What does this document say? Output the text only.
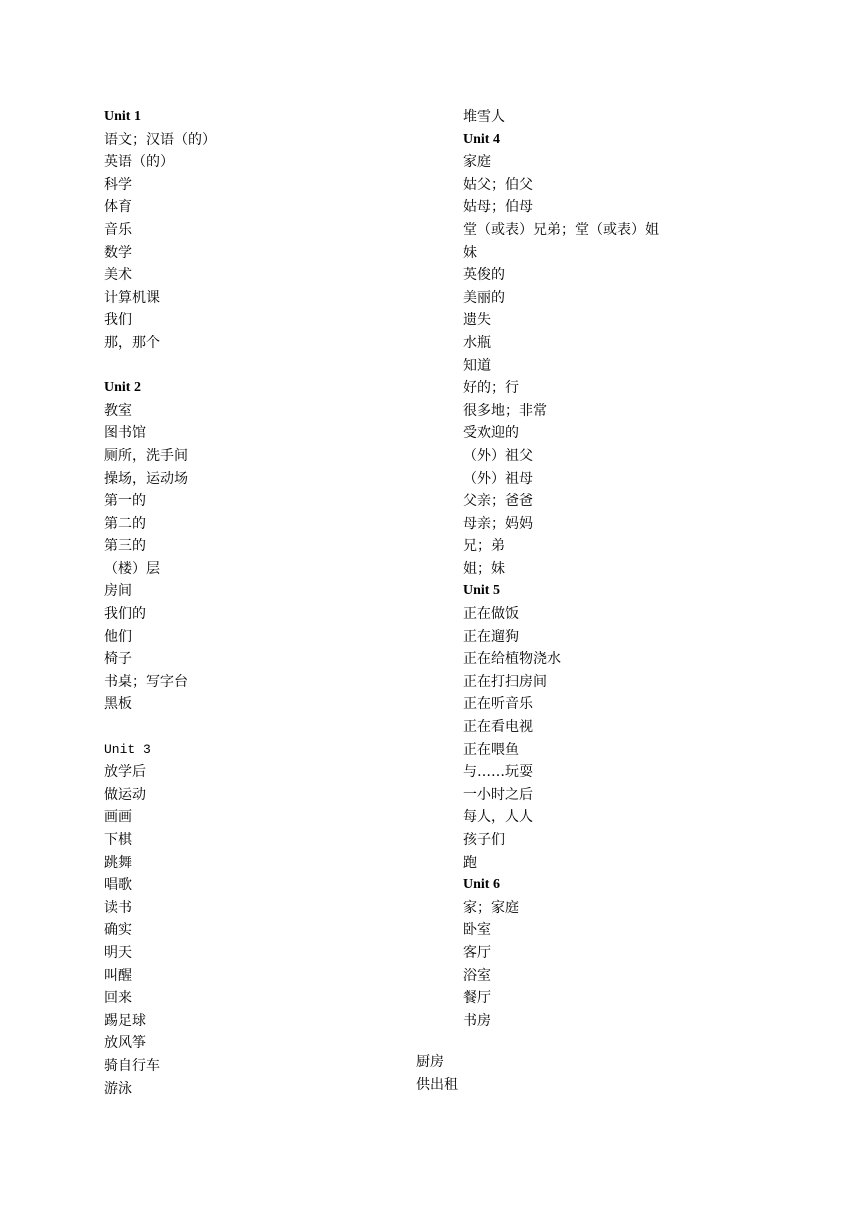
Unit 1
语文；汉语（的）
英语（的）
科学
体育
音乐
数学
美术
计算机课
我们
那，那个
Unit 2
教室
图书馆
厕所，洗手间
操场，运动场
第一的
第二的
第三的
（楼）层
房间
我们的
他们
椅子
书桌；写字台
黑板
Unit 3
放学后
做运动
画画
下棋
跳舞
唱歌
读书
确实
明天
叫醒
回来
踢足球
放风筝
骑自行车
游泳
堆雪人
Unit 4
家庭
姑父；伯父
姑母；伯母
堂（或表）兄弟；堂（或表）姐
妹
英俊的
美丽的
遗失
水瓶
知道
好的；行
很多地；非常
受欢迎的
（外）祖父
（外）祖母
父亲；爸爸
母亲；妈妈
兄；弟
姐；妹
Unit 5
正在做饭
正在遛狗
正在给植物浇水
正在打扫房间
正在听音乐
正在看电视
正在喂鱼
与……玩耍
一小时之后
每人，人人
孩子们
跑
Unit 6
家；家庭
卧室
客厅
浴室
餐厅
书房
厨房
供出租
